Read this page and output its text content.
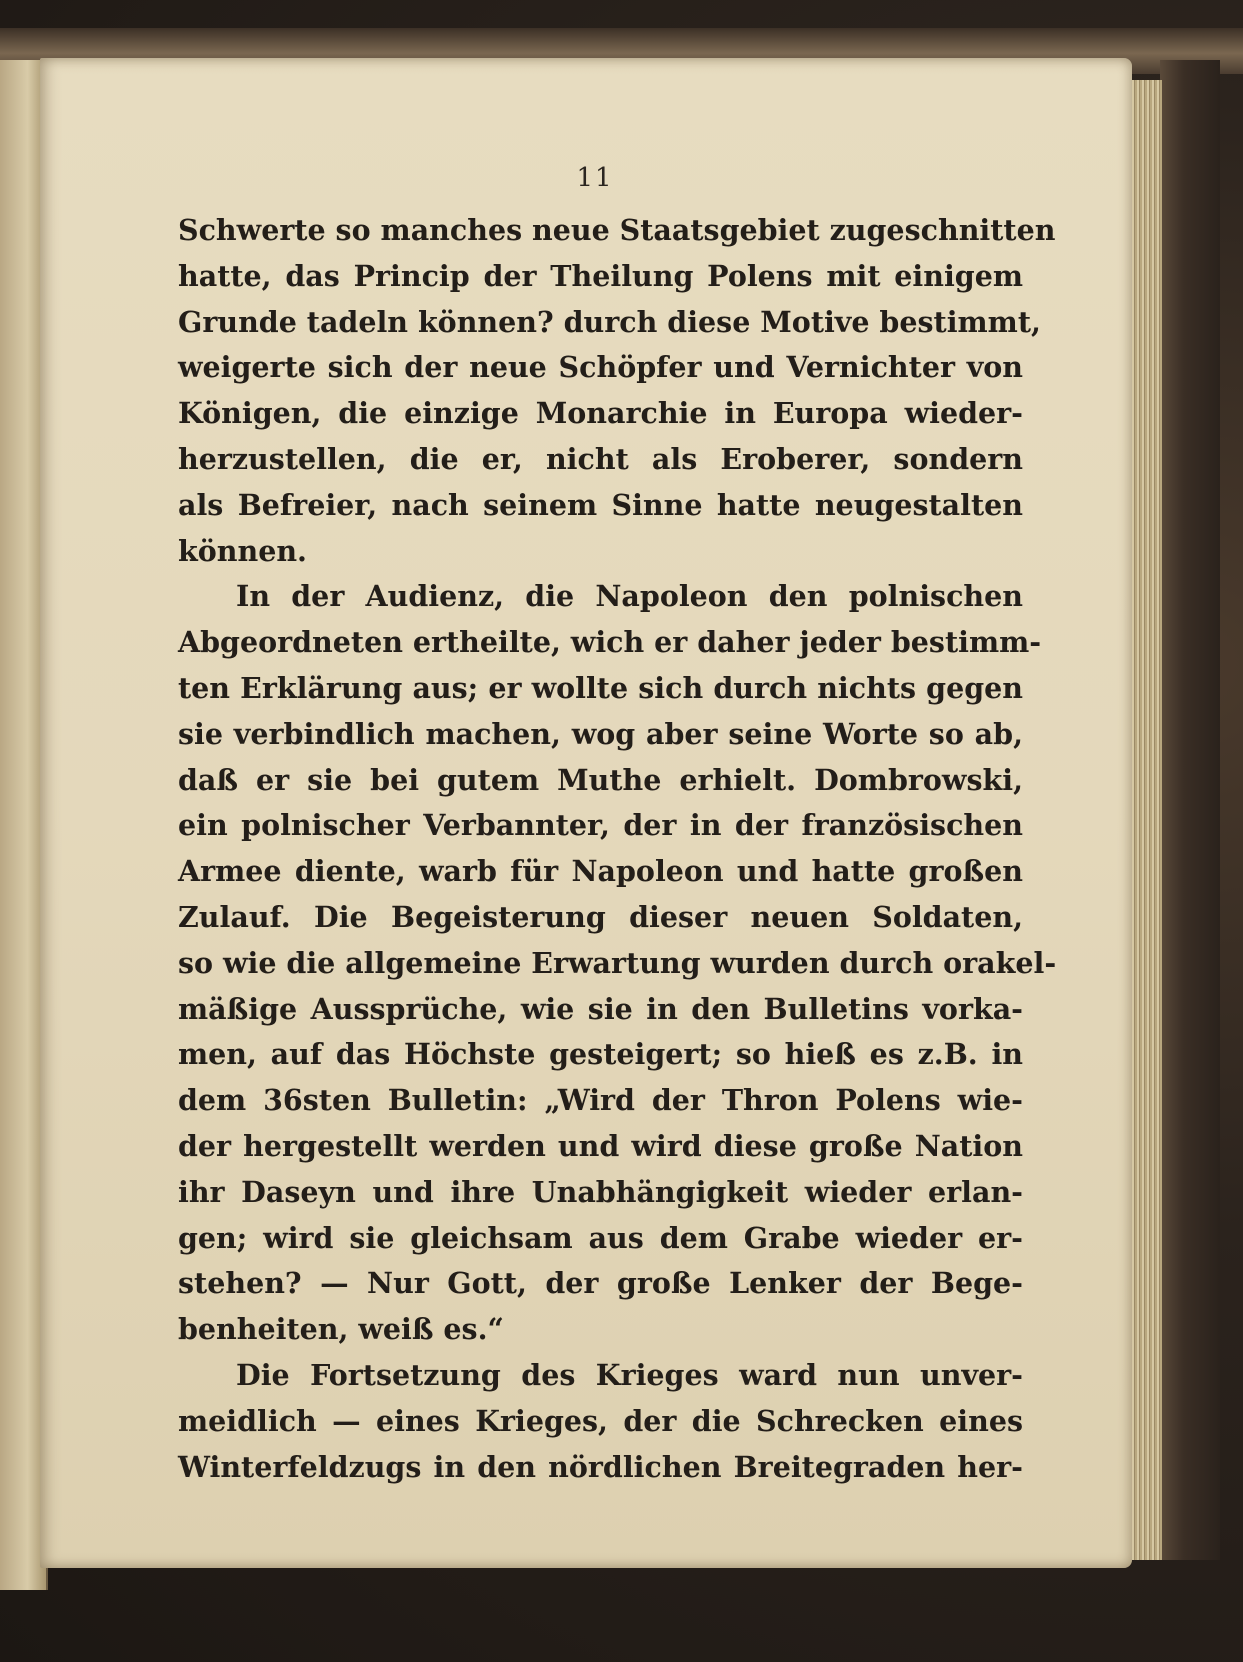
11
Schwerte so manches neue Staatsgebiet zugeschnitten
hatte, das Princip der Theilung Polens mit einigem
Grunde tadeln können? durch diese Motive bestimmt,
weigerte sich der neue Schöpfer und Vernichter von
Königen, die einzige Monarchie in Europa wieder-
herzustellen, die er, nicht als Eroberer, sondern
als Befreier, nach seinem Sinne hatte neugestalten
können.
In der Audienz, die Napoleon den polnischen
Abgeordneten ertheilte, wich er daher jeder bestimm-
ten Erklärung aus; er wollte sich durch nichts gegen
sie verbindlich machen, wog aber seine Worte so ab,
daß er sie bei gutem Muthe erhielt. Dombrowski,
ein polnischer Verbannter, der in der französischen
Armee diente, warb für Napoleon und hatte großen
Zulauf. Die Begeisterung dieser neuen Soldaten,
so wie die allgemeine Erwartung wurden durch orakel-
mäßige Aussprüche, wie sie in den Bulletins vorka-
men, auf das Höchste gesteigert; so hieß es z.B. in
dem 36sten Bulletin: „Wird der Thron Polens wie-
der hergestellt werden und wird diese große Nation
ihr Daseyn und ihre Unabhängigkeit wieder erlan-
gen; wird sie gleichsam aus dem Grabe wieder er-
stehen? — Nur Gott, der große Lenker der Bege-
benheiten, weiß es.“
Die Fortsetzung des Krieges ward nun unver-
meidlich — eines Krieges, der die Schrecken eines
Winterfeldzugs in den nördlichen Breitegraden her-
